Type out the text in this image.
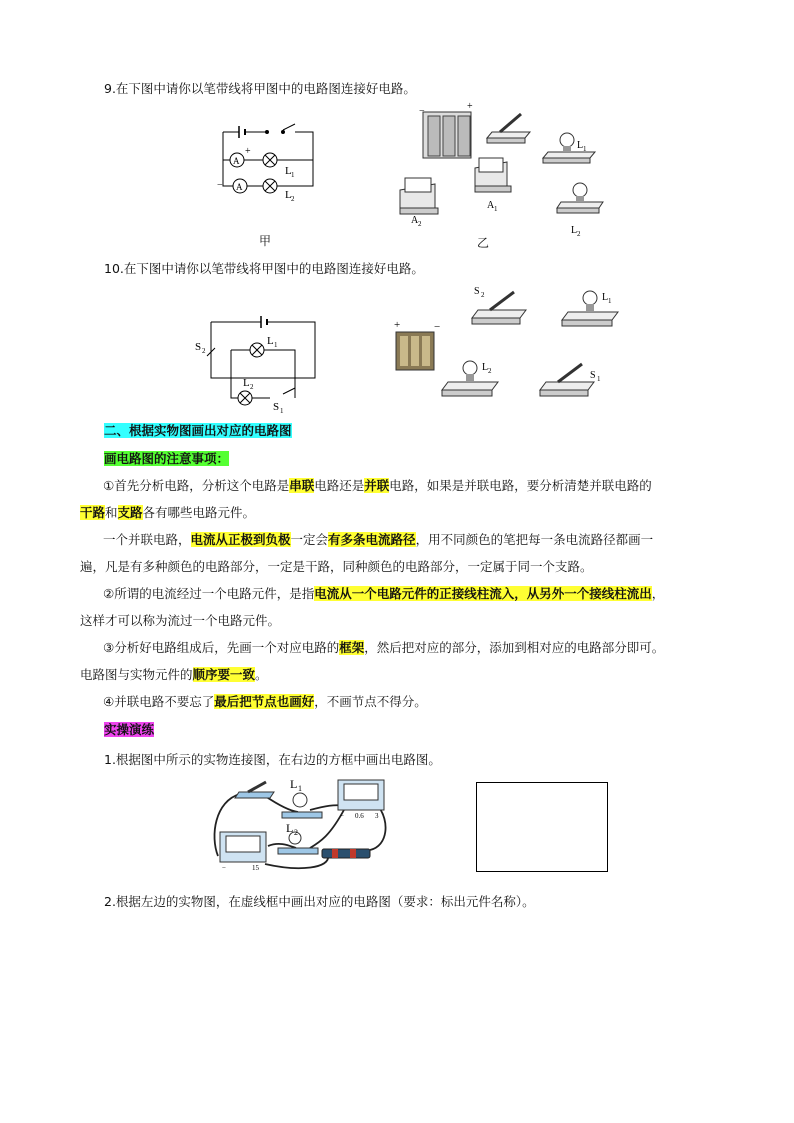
9.在下图中请你以笔带线将甲图中的电路图连接好电路。
A
A
+
−
L 1
L 2
甲
−	+
L 1
A 2
A 1
L 2
乙
10.在下图中请你以笔带线将甲图中的电路图连接好电路。
S 2
L 1
L 2
S 1
S 2	L 1
+	−
L 2	S 1
二、根据实物图画出对应的电路图
画电路图的注意事项：
①首先分析电路，分析这个电路是串联电路还是并联电路，如果是并联电路，要分析清楚并联电路的
干路和支路各有哪些电路元件。
一个并联电路，电流从正极到负极一定会有多条电流路径，用不同颜色的笔把每一条电流路径都画一
遍，凡是有多种颜色的电路部分，一定是干路，同种颜色的电路部分，一定属于同一个支路。
②所谓的电流经过一个电路元件，是指电流从一个电路元件的正接线柱流入，从另外一个接线柱流出，
这样才可以称为流过一个电路元件。
③分析好电路组成后，先画一个对应电路的框架，然后把对应的部分，添加到相对应的电路部分即可。
电路图与实物元件的顺序要一致。
④并联电路不要忘了最后把节点也画好，不画节点不得分。
实操演练
1.根据图中所示的实物连接图，在右边的方框中画出电路图。
L 1
− 0.6 3
L 2
−	15
2.根据左边的实物图，在虚线框中画出对应的电路图（要求：标出元件名称）。
